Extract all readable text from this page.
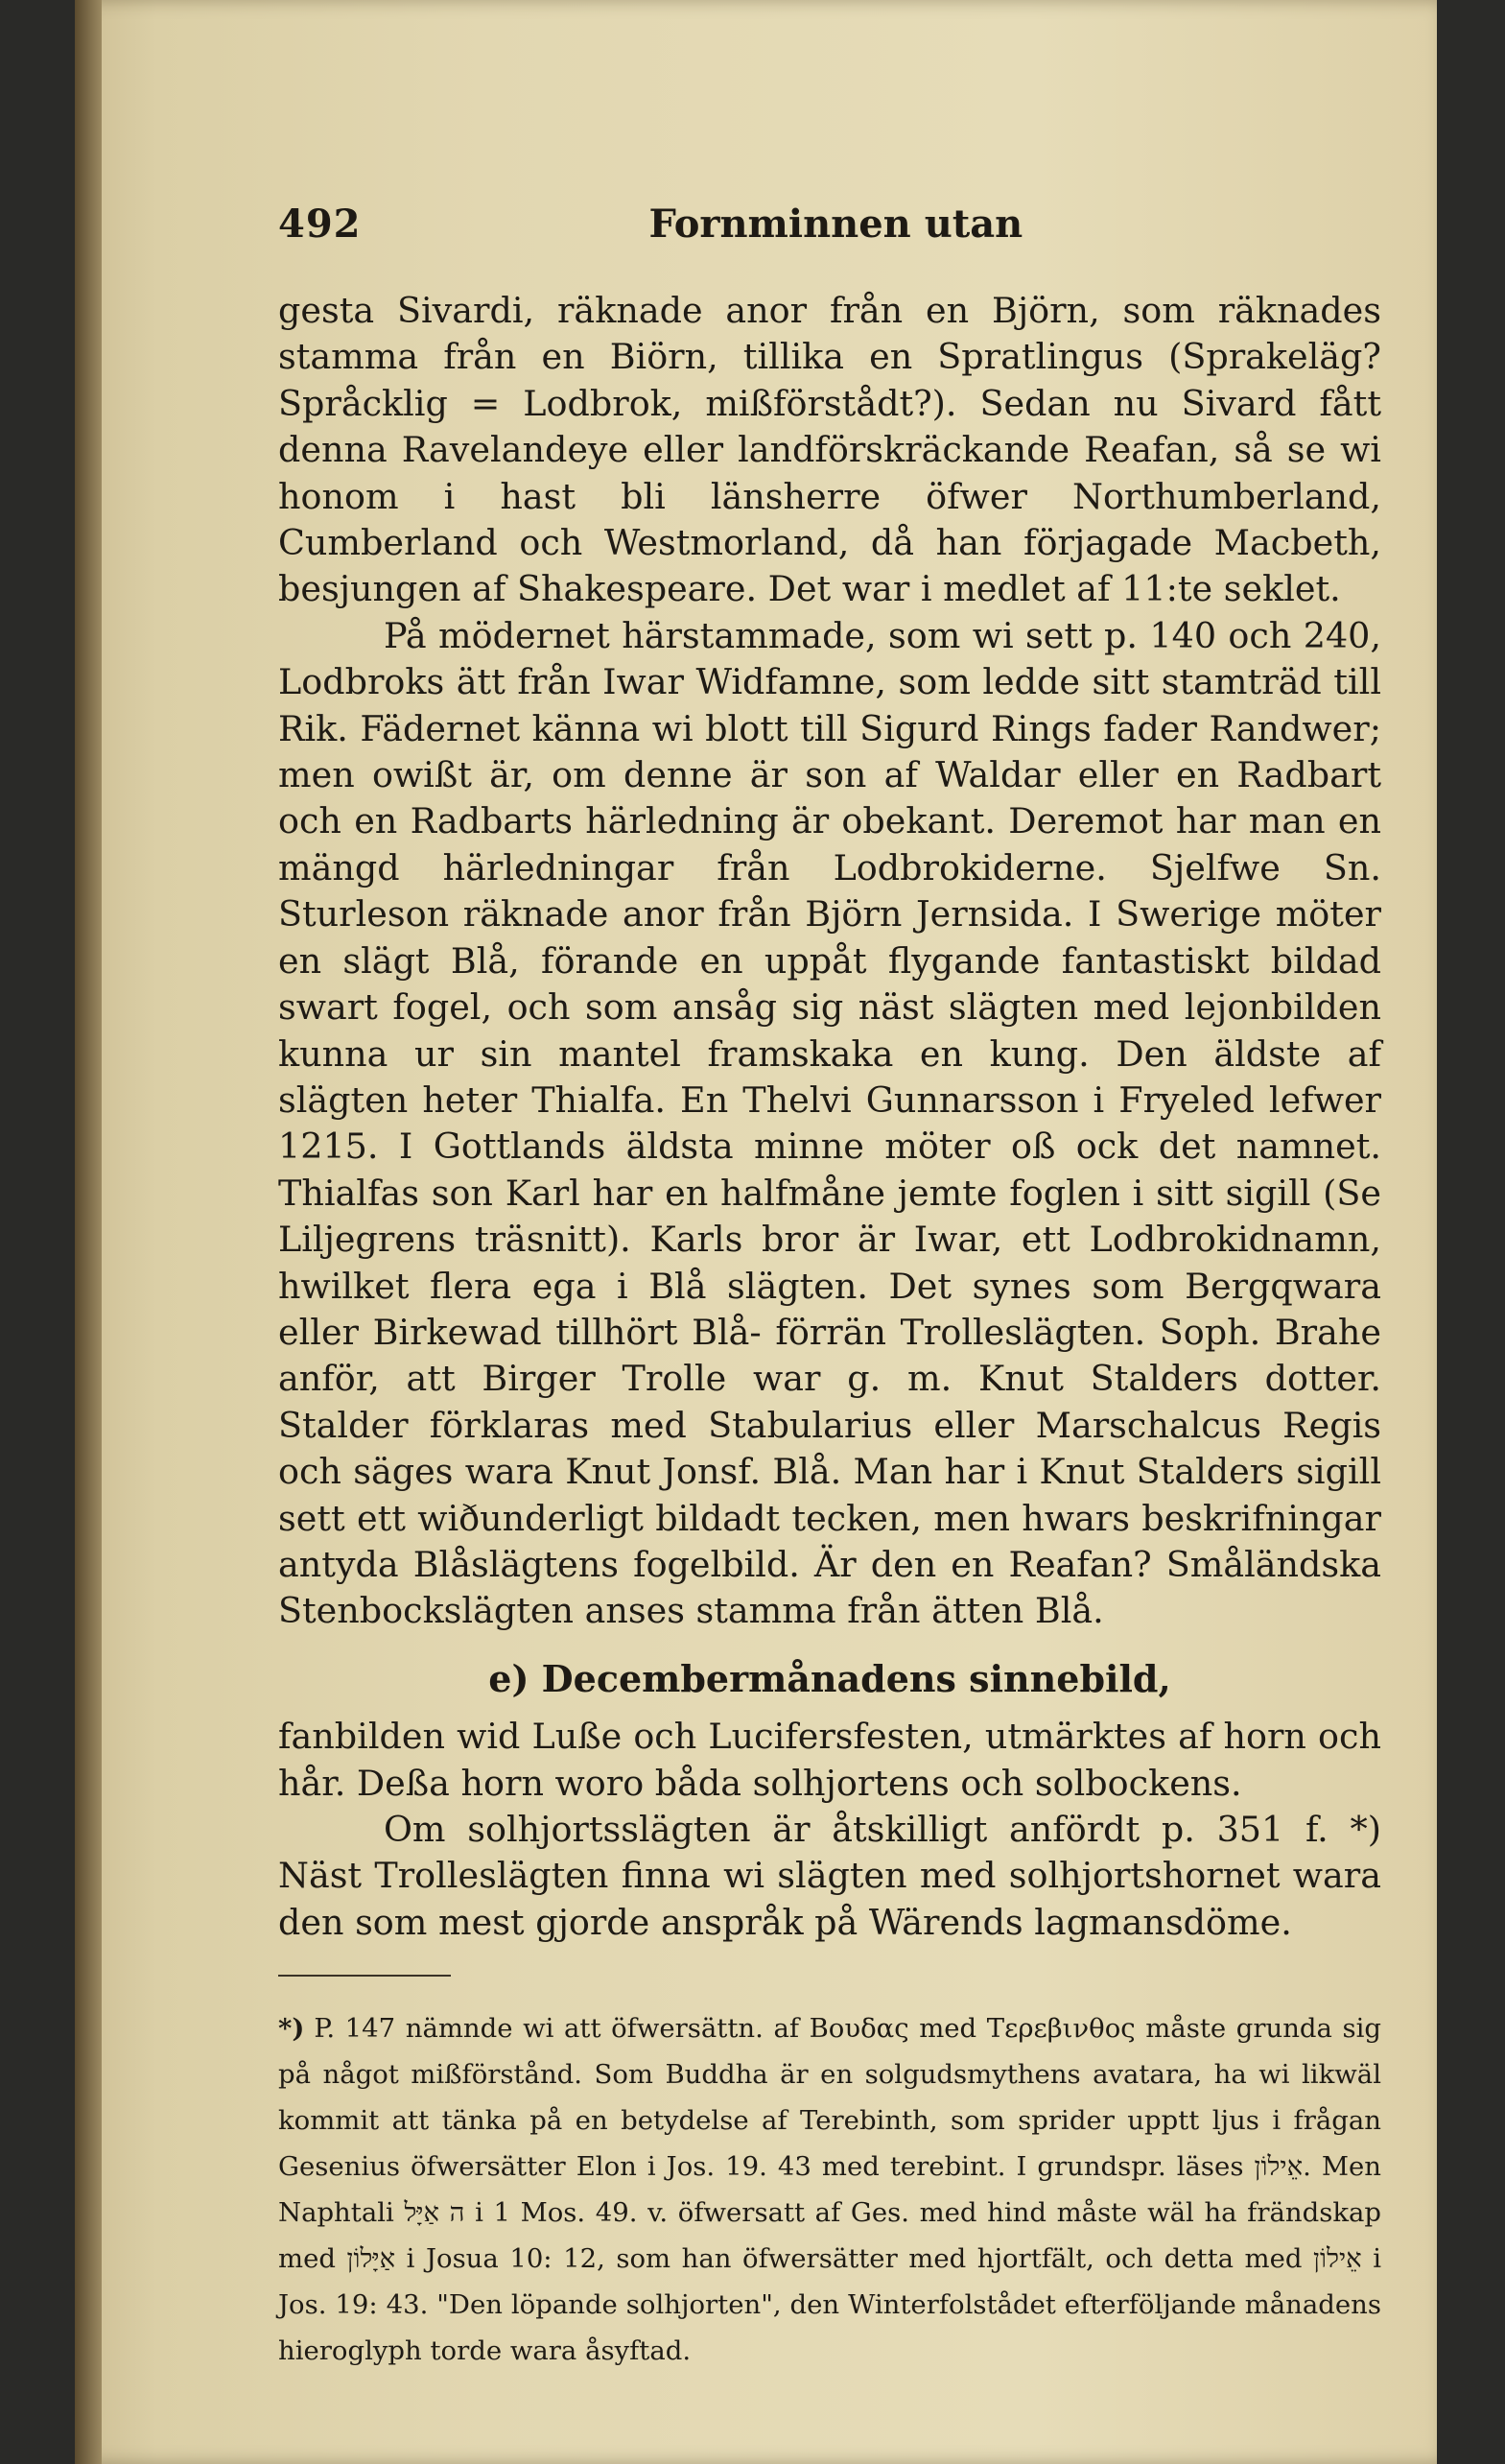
492	Fornminnen utan

gesta Sivardi, räknade anor från en Björn, som räknades stamma från en Biörn, tillika en Spratlingus (Sprakeläg? Språcklig = Lodbrok, mißförstådt?). Sedan nu Sivard fått denna Ravelandeye eller landförskräckande Reafan, så se wi honom i hast bli länsherre öfwer Northumberland, Cumberland och Westmorland, då han förjagade Macbeth, besjungen af Shakespeare. Det war i medlet af 11:te seklet.

På mödernet härstammade, som wi sett p. 140 och 240, Lodbroks ätt från Iwar Widfamne, som ledde sitt stamträd till Rik. Fädernet känna wi blott till Sigurd Rings fader Randwer; men owißt är, om denne är son af Waldar eller en Radbart och en Radbarts härledning är obekant. Deremot har man en mängd härledningar från Lodbrokiderne. Sjelfwe Sn. Sturleson räknade anor från Björn Jernsida. I Swerige möter en slägt Blå, förande en uppåt flygande fantastiskt bildad swart fogel, och som ansåg sig näst slägten med lejonbilden kunna ur sin mantel framskaka en kung. Den äldste af slägten heter Thialfa. En Thelvi Gunnarsson i Fryeled lefwer 1215. I Gottlands äldsta minne möter oß ock det namnet. Thialfas son Karl har en halfmåne jemte foglen i sitt sigill (Se Liljegrens träsnitt). Karls bror är Iwar, ett Lodbrokidnamn, hwilket flera ega i Blå slägten. Det synes som Bergqwara eller Birkewad tillhört Blå- förrän Trolleslägten. Soph. Brahe anför, att Birger Trolle war g. m. Knut Stalders dotter. Stalder förklaras med Stabularius eller Marschalcus Regis och säges wara Knut Jonsf. Blå. Man har i Knut Stalders sigill sett ett wiðunderligt bildadt tecken, men hwars beskrifningar antyda Blåslägtens fogelbild. Är den en Reafan? Småländska Stenbockslägten anses stamma från ätten Blå.

e) Decembermånadens sinnebild,

fanbilden wid Lußе och Lucifersfesten, utmärktes af horn och hår. Deßa horn woro båda solhjortens och solbockens.

Om solhjortsslägten är åtskilligt anfördt p. 351 f. *) Näst Trolleslägten finna wi slägten med solhjortshornet wara den som mest gjorde anspråk på Wärends lagmansdöme.

*) P. 147 nämnde wi att öfwersättn. af Βουδας med Τερεβινθος måste grunda sig på något mißförstånd. Som Buddha är en solgudsmythens avatara, ha wi likwäl kommit att tänka på en betydelse af Terebinth, som sprider upptt ljus i frågan Gesenius öfwersätter Elon i Jos. 19. 43 med terebint. I grundspr. läses אֵילוֹן. Men Naphtali ה אַיָּל i 1 Mos. 49. v. öfwersatt af Ges. med hind måste wäl ha frändskap med אַיָּלוֹן i Josua 10: 12, som han öfwersätter med hjortfält, och detta med אֵילוֹן i Jos. 19: 43. "Den löpande solhjorten", den Winterfolstådet efterföljande månadens hieroglyph torde wara åsyftad.
